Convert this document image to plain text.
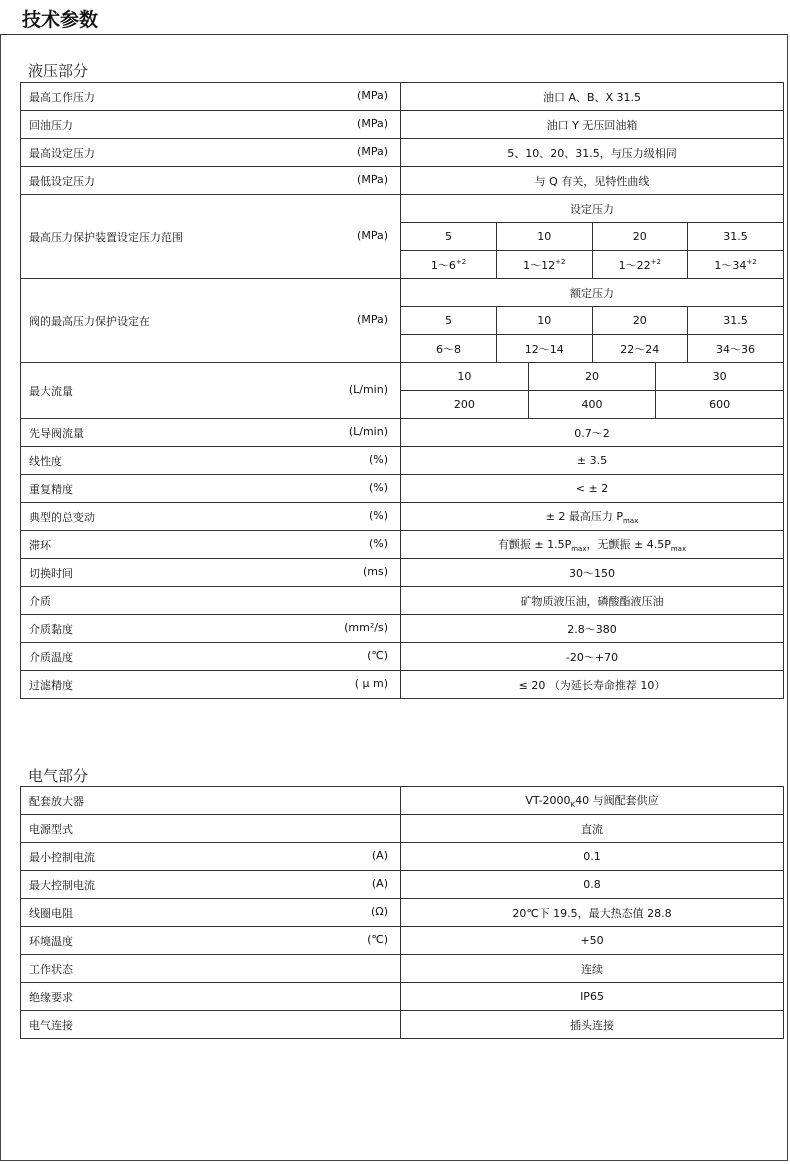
技术参数
液压部分
最高工作压力	(MPa)	油口 A、B、X 31.5

回油压力	(MPa)	油口 Y 无压回油箱

最高设定压力	(MPa)	5、10、20、31.5，与压力级相同

最低设定压力	(MPa)	与 Q 有关，见特性曲线

最高压力保护装置设定压力范围	(MPa)

设定压力
5	10	20	31.5
$1\sim 6^{+2}$	$1\sim 12^{+2}$	$1\sim 22^{+2}$	$1\sim 34^{+2}$

阀的最高压力保护设定在	(MPa)

额定压力
5	10	20	31.5
6～8	12～14	22～24	34～36

最大流量	(L/min)

10	20	30
200	400	600

先导阀流量	(L/min)	0.7～2

线性度	(%)	± 3.5

重复精度	(%)	< ± 2

典型的总变动	(%)	± 2 最高压力 $P_{max}$

滞环	(%)	有颤振 ± $1.5P_{max}$，无颤振 ± $4.5P_{max}$

切换时间	(ms)	30～150

介质	矿物质液压油，磷酸酯液压油

介质黏度	(mm²/s)	2.8～380

介质温度	(℃)	-20～+70

过滤精度	( μ m)	≤ 20 （为延长寿命推荐 10）
电气部分
配套放大器	$VT-2000_K40$ 与阀配套供应

电源型式	直流

最小控制电流 (A)	0.1

最大控制电流 (A)	0.8

线圈电阻 (Ω)	20℃下 19.5，最大热态值 28.8

环境温度 (℃)	+50

工作状态	连续

绝缘要求	IP65

电气连接	插头连接
